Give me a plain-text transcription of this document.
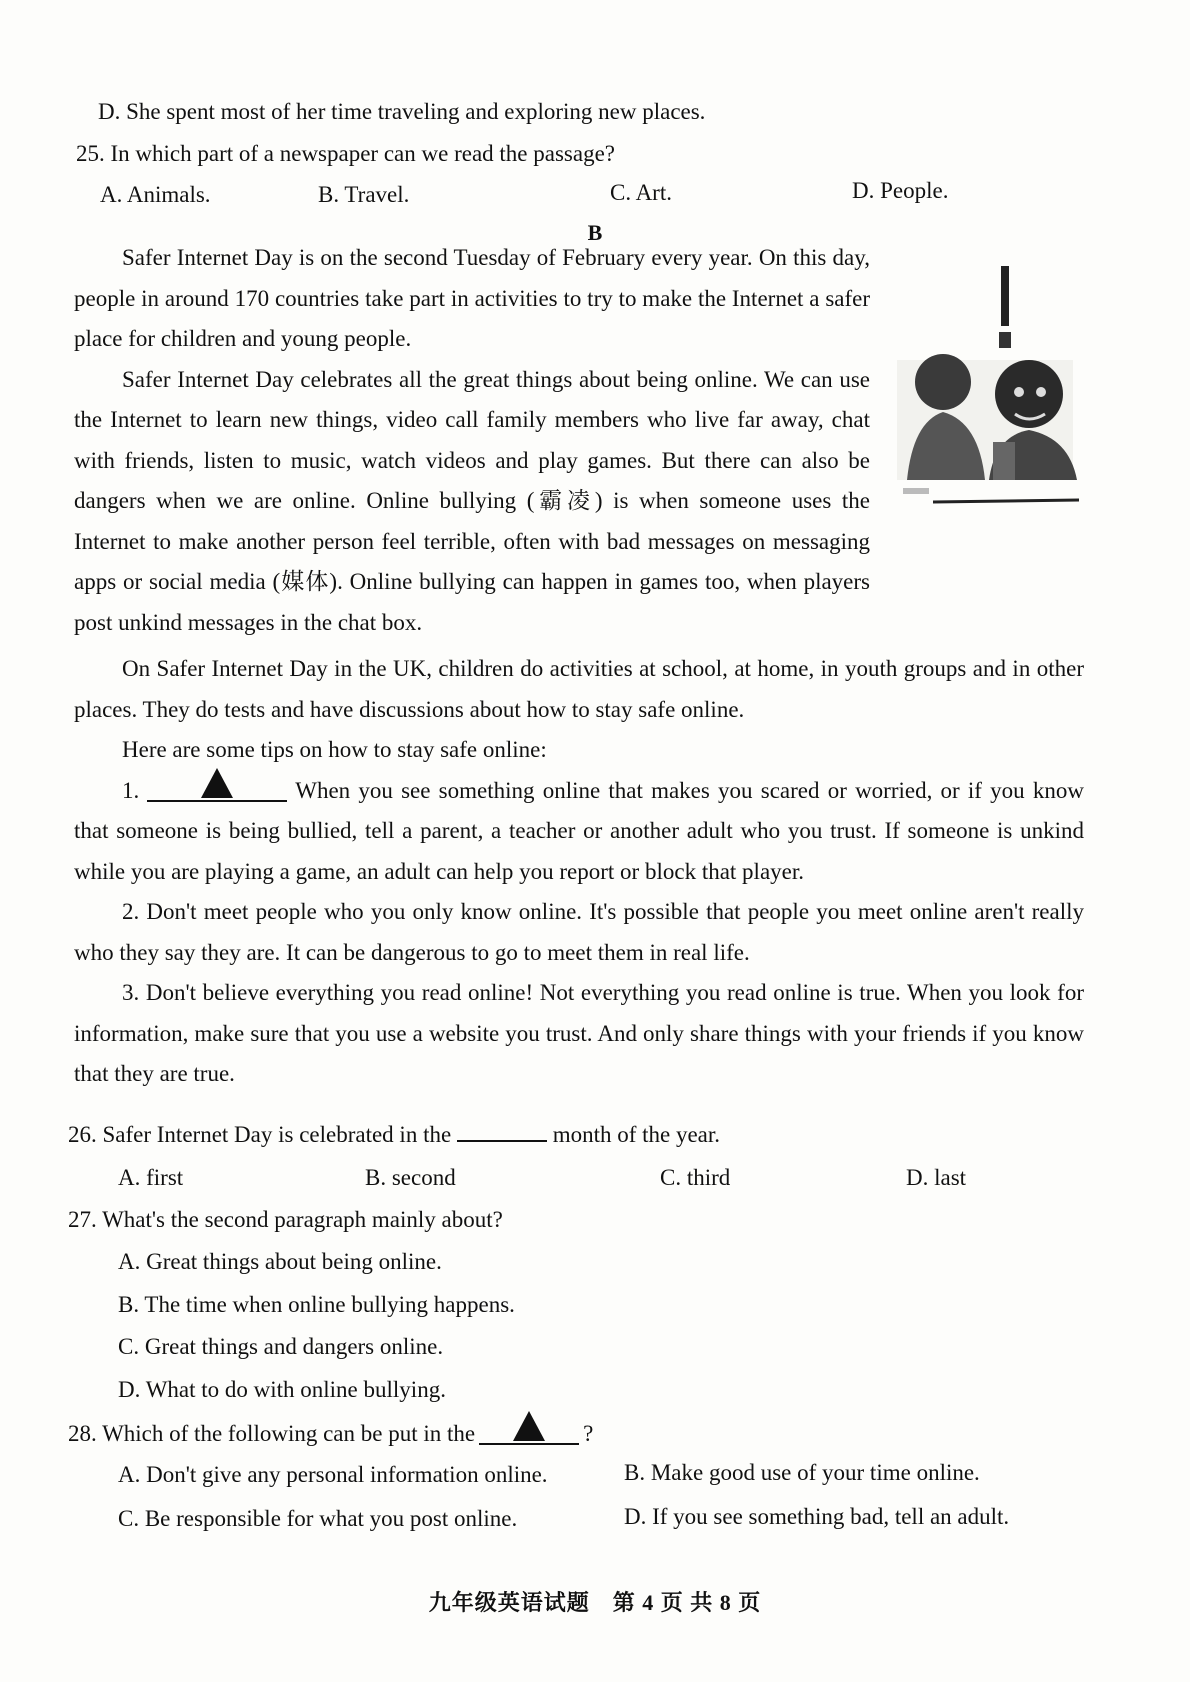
D. She spent most of her time traveling and exploring new places.
25. In which part of a newspaper can we read the passage?
A. Animals.	B. Travel.	C. Art.	D. People.
B

Safer Internet Day is on the second Tuesday of February every year. On this day, people in around 170 countries take part in activities to try to make the Internet a safer place for children and young people.

Safer Internet Day celebrates all the great things about being online. We can use the Internet to learn new things, video call family members who live far away, chat with friends, listen to music, watch videos and play games. But there can also be dangers when we are online. Online bullying (霸凌) is when someone uses the Internet to make another person feel terrible, often with bad messages on messaging apps or social media (媒体). Online bullying can happen in games too, when players post unkind messages in the chat box.

On Safer Internet Day in the UK, children do activities at school, at home, in youth groups and in other places. They do tests and have discussions about how to stay safe online.

Here are some tips on how to stay safe online:

1.	When you see something online that makes you scared or worried, or if you know that someone is being bullied, tell a parent, a teacher or another adult who you trust. If someone is unkind while you are playing a game, an adult can help you report or block that player.

2. Don't meet people who you only know online. It's possible that people you meet online aren't really who they say they are. It can be dangerous to go to meet them in real life.

3. Don't believe everything you read online! Not everything you read online is true. When you look for information, make sure that you use a website you trust. And only share things with your friends if you know that they are true.

26. Safer Internet Day is celebrated in the	month of the year.
A. first	B. second	C. third	D. last
27. What's the second paragraph mainly about?
A. Great things about being online.
B. The time when online bullying happens.
C. Great things and dangers online.
D. What to do with online bullying.
28. Which of the following can be put in the	?
A. Don't give any personal information online.	B. Make good use of your time online.
C. Be responsible for what you post online.	D. If you see something bad, tell an adult.
九年级英语试题　第 4 页 共 8 页
